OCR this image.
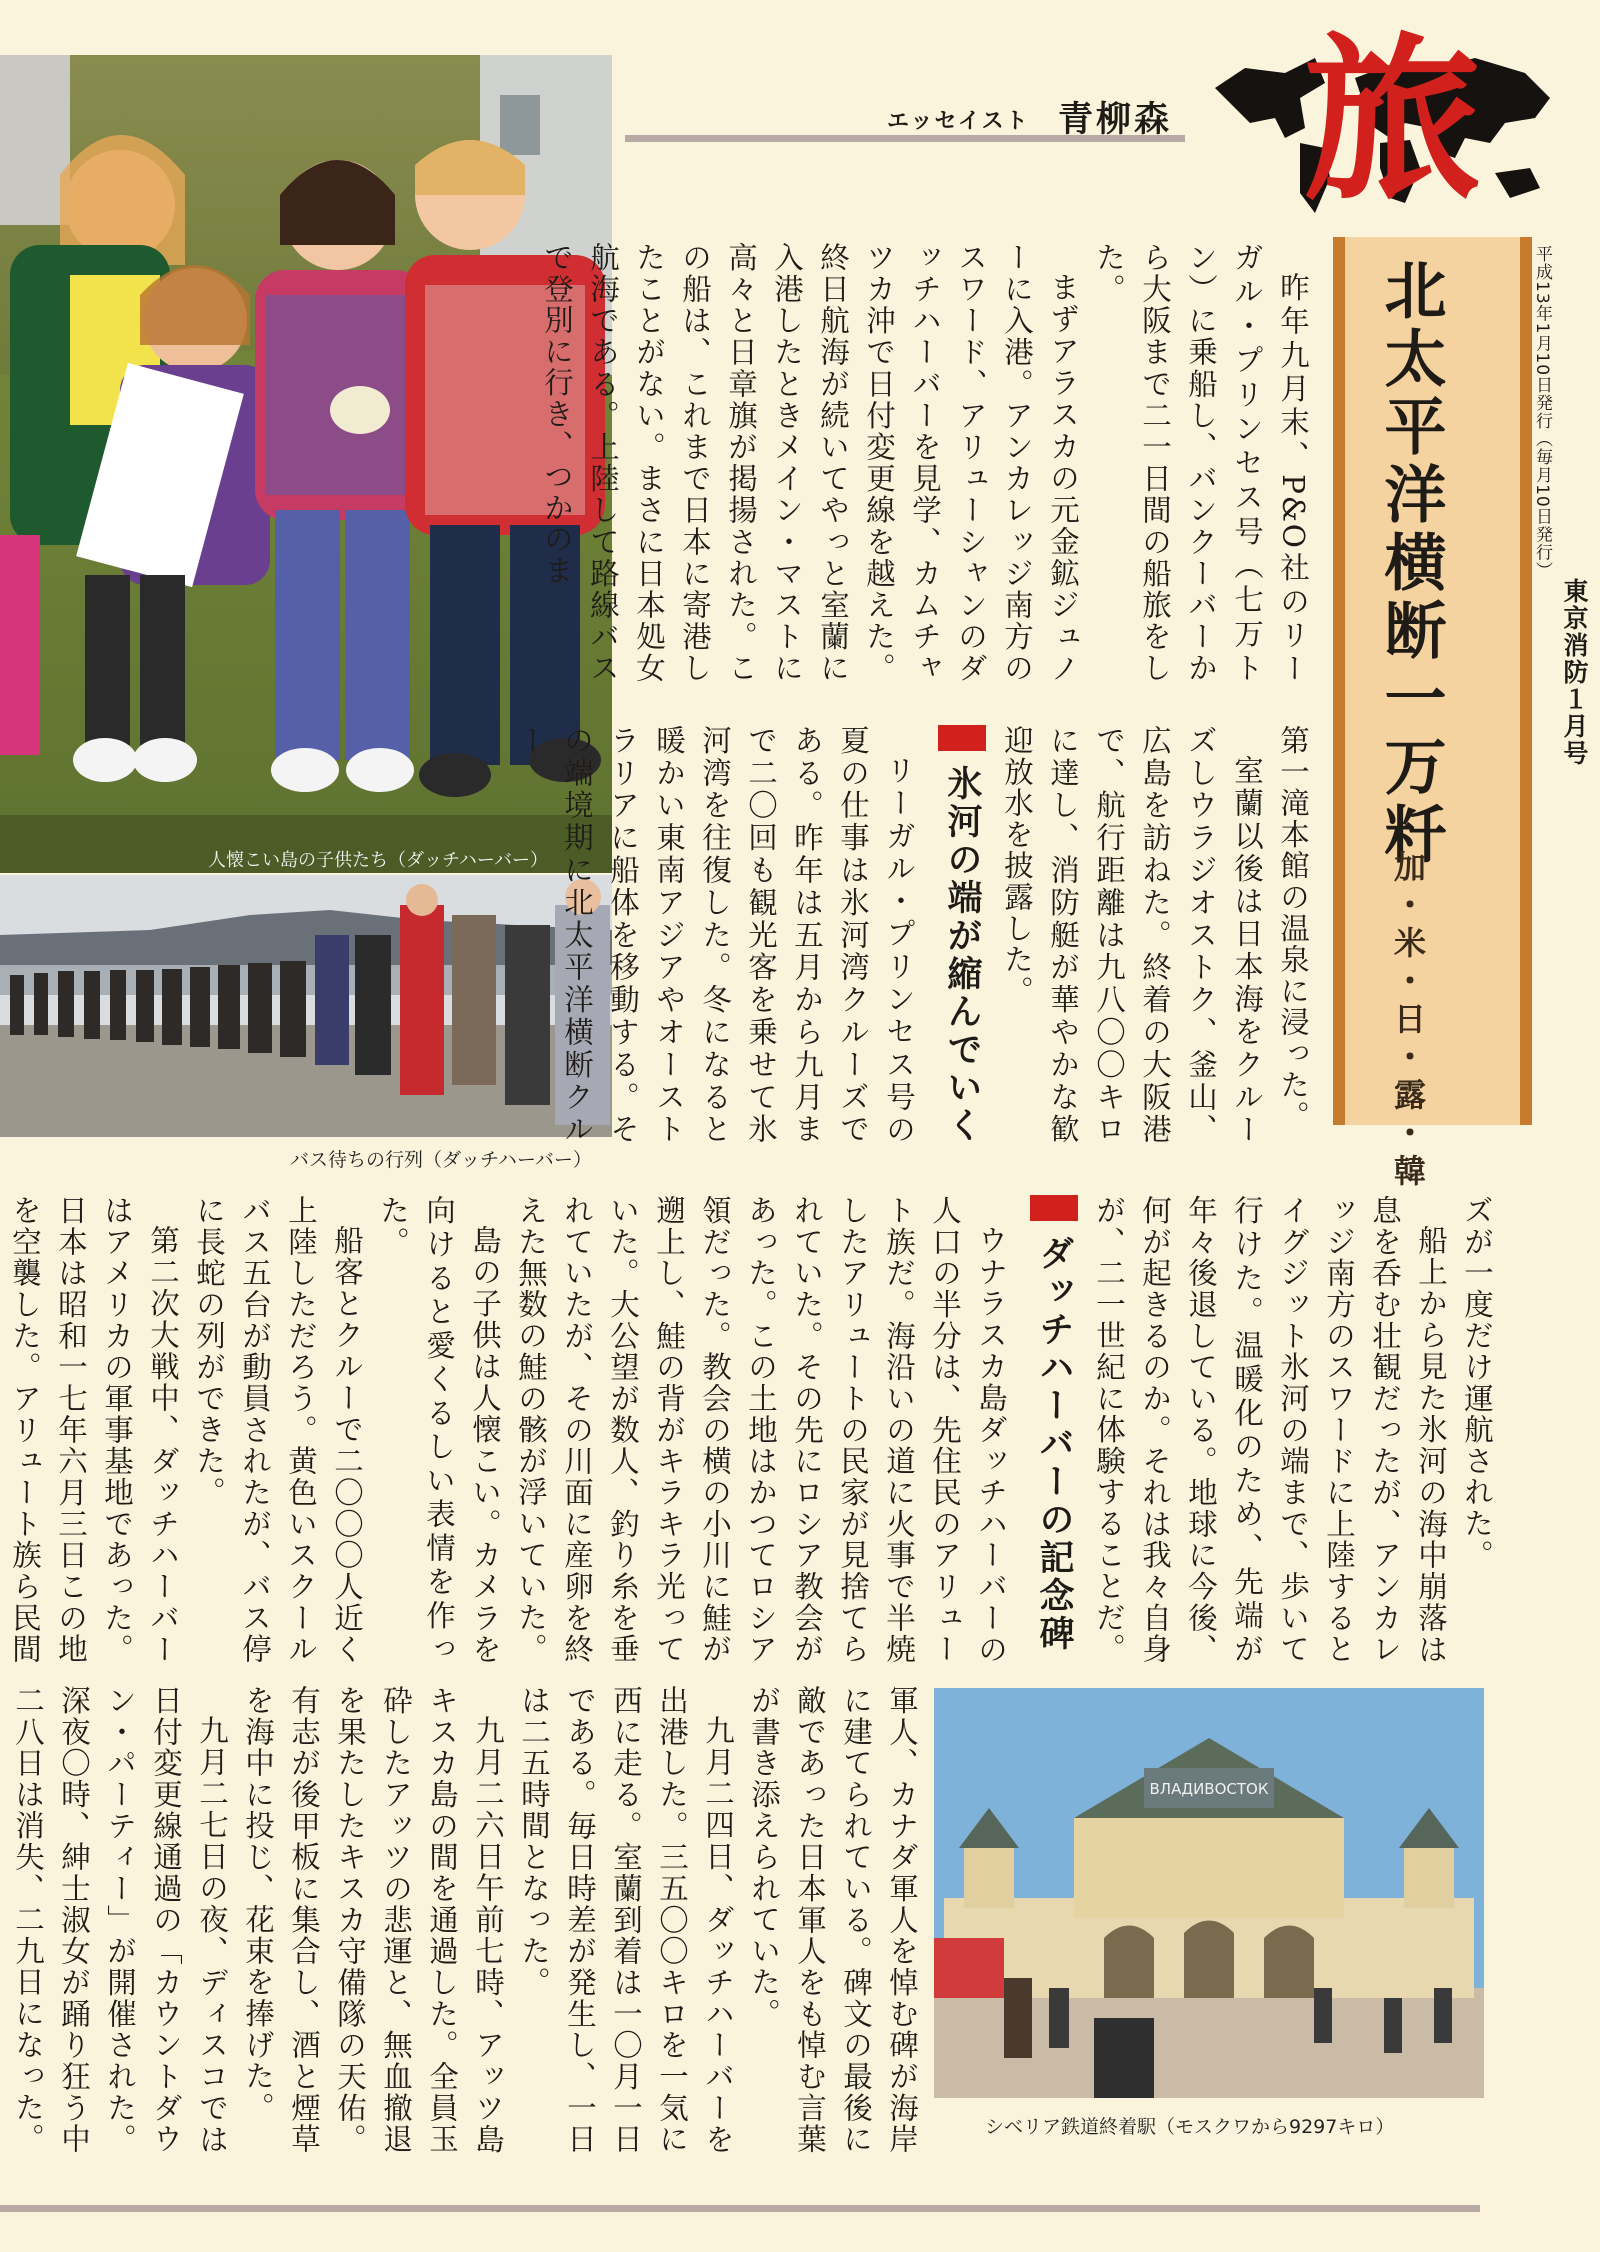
エッセイスト 青柳森 旅
平成13年1月10日発行（毎月10日発行）
東京消防１月号
北太平洋横断一万粁
加・米・日・露・韓
人懐こい島の子供たち（ダッチハーバー）
バス待ちの行列（ダッチハーバー）
ВЛАДИВОСТОК
シベリア鉄道終着駅（モスクワから9297キロ）

昨年九月末、P&O社のリーガル・プリンセス号（七万トン）に乗船し、バンクーバーから大阪まで二一日間の船旅をした。

まずアラスカの元金鉱ジュノーに入港。アンカレッジ南方のスワード、アリューシャンのダッチハーバーを見学、カムチャツカ沖で日付変更線を越えた。終日航海が続いてやっと室蘭に入港したときメイン・マストに高々と日章旗が掲揚された。この船は、これまで日本に寄港したことがない。まさに日本処女航海である。上陸して路線バスで登別に行き、つかのま

第一滝本館の温泉に浸った。

室蘭以後は日本海をクルーズしウラジオストク、釜山、広島を訪ねた。終着の大阪港で、航行距離は九八〇〇キロに達し、消防艇が華やかな歓迎放水を披露した。

氷河の端が縮んでいく

リーガル・プリンセス号の夏の仕事は氷河湾クルーズである。昨年は五月から九月まで二〇回も観光客を乗せて氷河湾を往復した。冬になると暖かい東南アジアやオーストラリアに船体を移動する。その端境期に北太平洋横断クルー

ズが一度だけ運航された。

船上から見た氷河の海中崩落は息を呑む壮観だったが、アンカレッジ南方のスワードに上陸するとイグジット氷河の端まで、歩いて行けた。温暖化のため、先端が年々後退している。地球に今後、何が起きるのか。それは我々自身が、二一世紀に体験することだ。

ダッチハーバーの記念碑

ウナラスカ島ダッチハーバーの人口の半分は、先住民のアリュート族だ。海沿いの道に火事で半焼したアリュートの民家が見捨てられていた。その先にロシア教会があった。この土地はかつてロシア領だった。教会の横の小川に鮭が遡上し、鮭の背がキラキラ光っていた。大公望が数人、釣り糸を垂れていたが、その川面に産卵を終えた無数の鮭の骸が浮いていた。

島の子供は人懐こい。カメラを向けると愛くるしい表情を作った。

船客とクルーで二〇〇〇人近く上陸しただろう。黄色いスクールバス五台が動員されたが、バス停に長蛇の列ができた。

第二次大戦中、ダッチハーバーはアメリカの軍事基地であった。日本は昭和一七年六月三日この地を空襲した。アリュート族ら民間

軍人、カナダ軍人を悼む碑が海岸に建てられている。碑文の最後に敵であった日本軍人をも悼む言葉が書き添えられていた。

九月二四日、ダッチハーバーを出港した。三五〇〇キロを一気に西に走る。室蘭到着は一〇月一日である。毎日時差が発生し、一日は二五時間となった。

九月二六日午前七時、アッツ島キスカ島の間を通過した。全員玉砕したアッツの悲運と、無血撤退を果たしたキスカ守備隊の天佑。有志が後甲板に集合し、酒と煙草を海中に投じ、花束を捧げた。

九月二七日の夜、ディスコでは日付変更線通過の「カウントダウン・パーティー」が開催された。深夜〇時、紳士淑女が踊り狂う中二八日は消失、二九日になった。
